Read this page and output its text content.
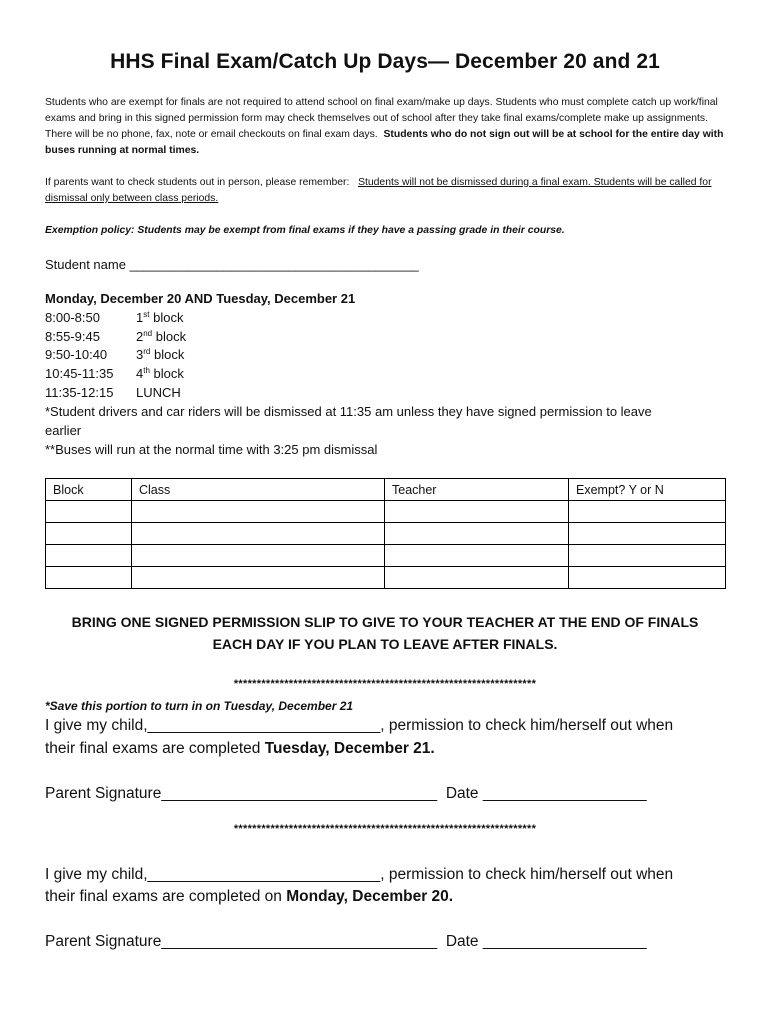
HHS Final Exam/Catch Up Days— December 20 and 21
Students who are exempt for finals are not required to attend school on final exam/make up days. Students who must complete catch up work/final exams and bring in this signed permission form may check themselves out of school after they take final exams/complete make up assignments. There will be no phone, fax, note or email checkouts on final exam days. Students who do not sign out will be at school for the entire day with buses running at normal times.
If parents want to check students out in person, please remember: Students will not be dismissed during a final exam. Students will be called for dismissal only between class periods.
Exemption policy: Students may be exempt from final exams if they have a passing grade in their course.
Student name ________________________________________
Monday, December 20 AND Tuesday, December 21
8:00-8:50	1st block
8:55-9:45	2nd block
9:50-10:40 3rd block
10:45-11:35 4th block
11:35-12:15 LUNCH
*Student drivers and car riders will be dismissed at 11:35 am unless they have signed permission to leave
earlier
**Buses will run at the normal time with 3:25 pm dismissal
Block	Class	Teacher	Exempt? Y or N

BRING ONE SIGNED PERMISSION SLIP TO GIVE TO YOUR TEACHER AT THE END OF FINALS
EACH DAY IF YOU PLAN TO LEAVE AFTER FINALS.
******************************************************************
*Save this portion to turn in on Tuesday, December 21
I give my child,___________________________, permission to check him/herself out when
their final exams are completed Tuesday, December 21.
Parent Signature________________________________ Date ___________________
******************************************************************
I give my child,___________________________, permission to check him/herself out when
their final exams are completed on Monday, December 20.
Parent Signature________________________________ Date ___________________
